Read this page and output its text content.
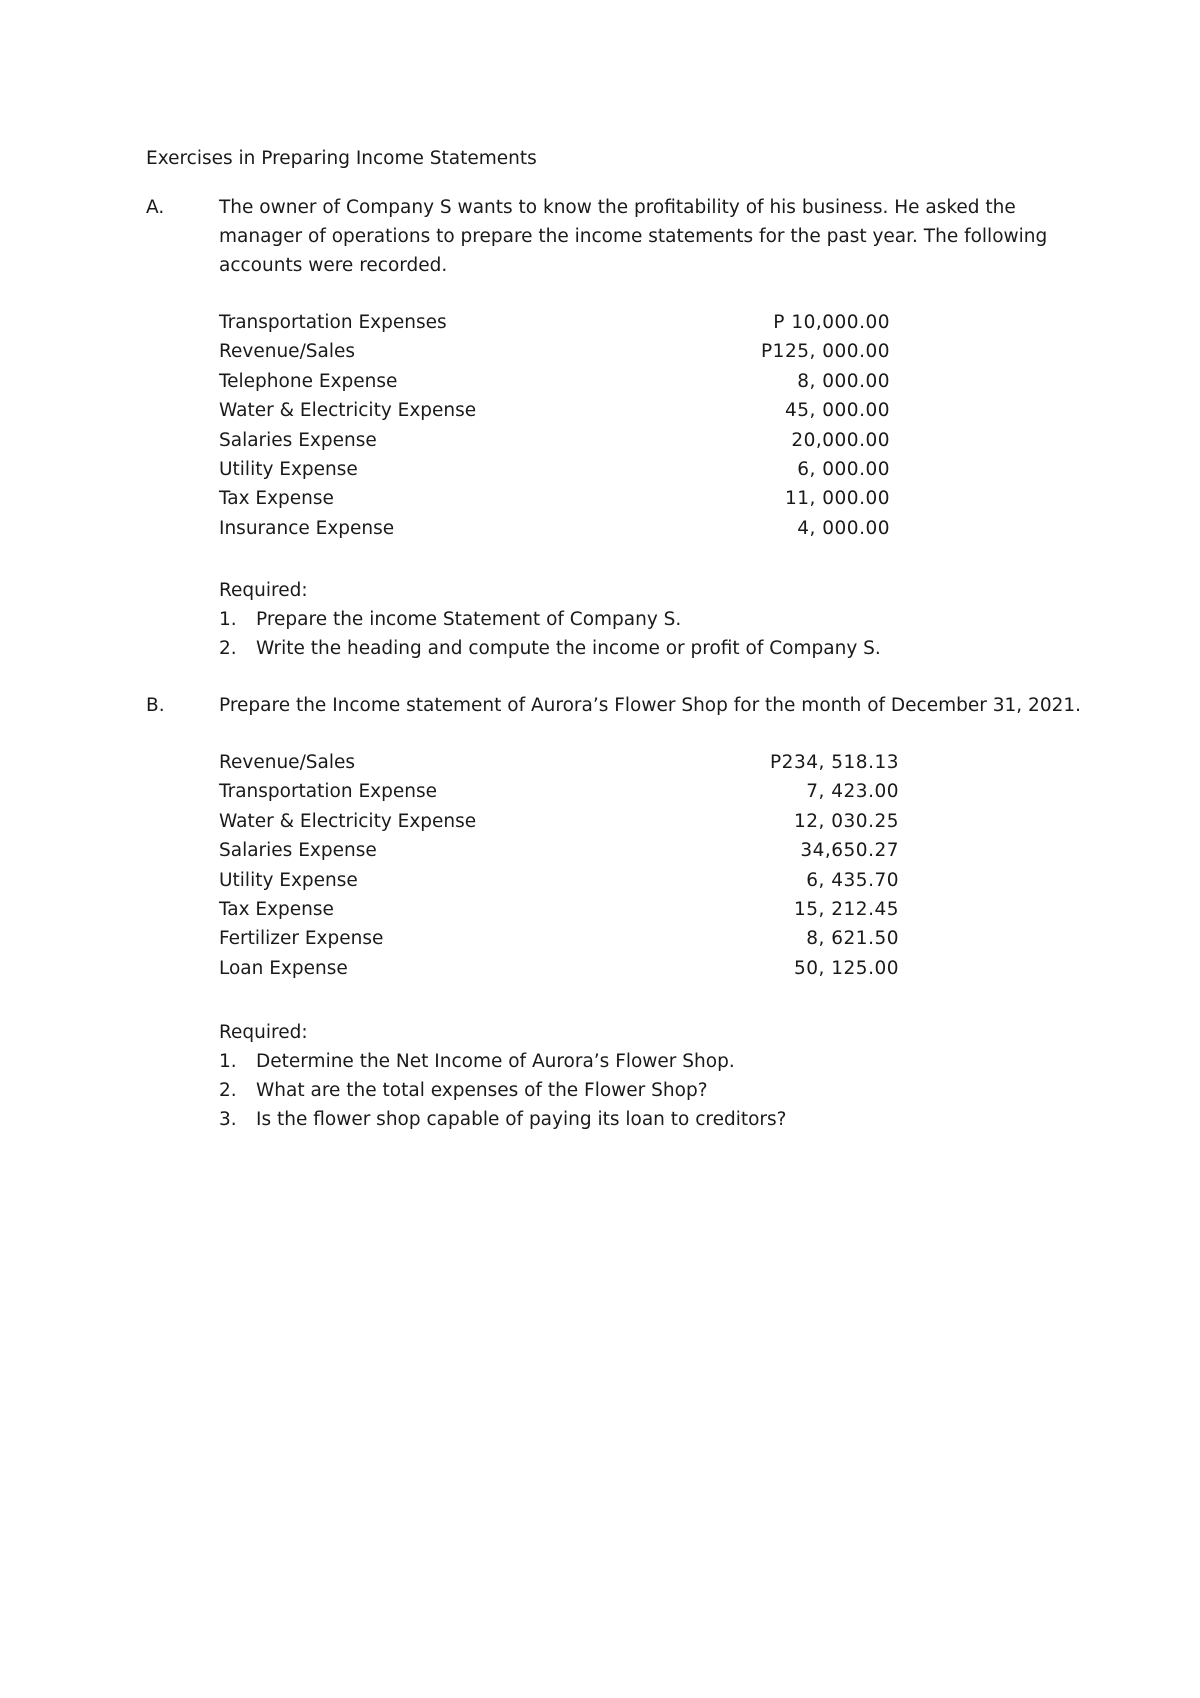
Exercises in Preparing Income Statements
A.	The owner of Company S wants to know the profitability of his business. He asked the
manager of operations to prepare the income statements for the past year. The following
accounts were recorded.
Transportation Expenses	P 10,000.00
Revenue/Sales	P125, 000.00
Telephone Expense	8, 000.00
Water & Electricity Expense	45, 000.00
Salaries Expense	20,000.00
Utility Expense	6, 000.00
Tax Expense	11, 000.00
Insurance Expense	4, 000.00
Required:
1.	Prepare the income Statement of Company S.
2.	Write the heading and compute the income or profit of Company S.
B.	Prepare the Income statement of Aurora’s Flower Shop for the month of December 31, 2021.
Revenue/Sales	P234, 518.13
Transportation Expense	7, 423.00
Water & Electricity Expense	12, 030.25
Salaries Expense	34,650.27
Utility Expense	6, 435.70
Tax Expense	15, 212.45
Fertilizer Expense	8, 621.50
Loan Expense	50, 125.00
Required:
1.	Determine the Net Income of Aurora’s Flower Shop.
2.	What are the total expenses of the Flower Shop?
3.	Is the flower shop capable of paying its loan to creditors?
